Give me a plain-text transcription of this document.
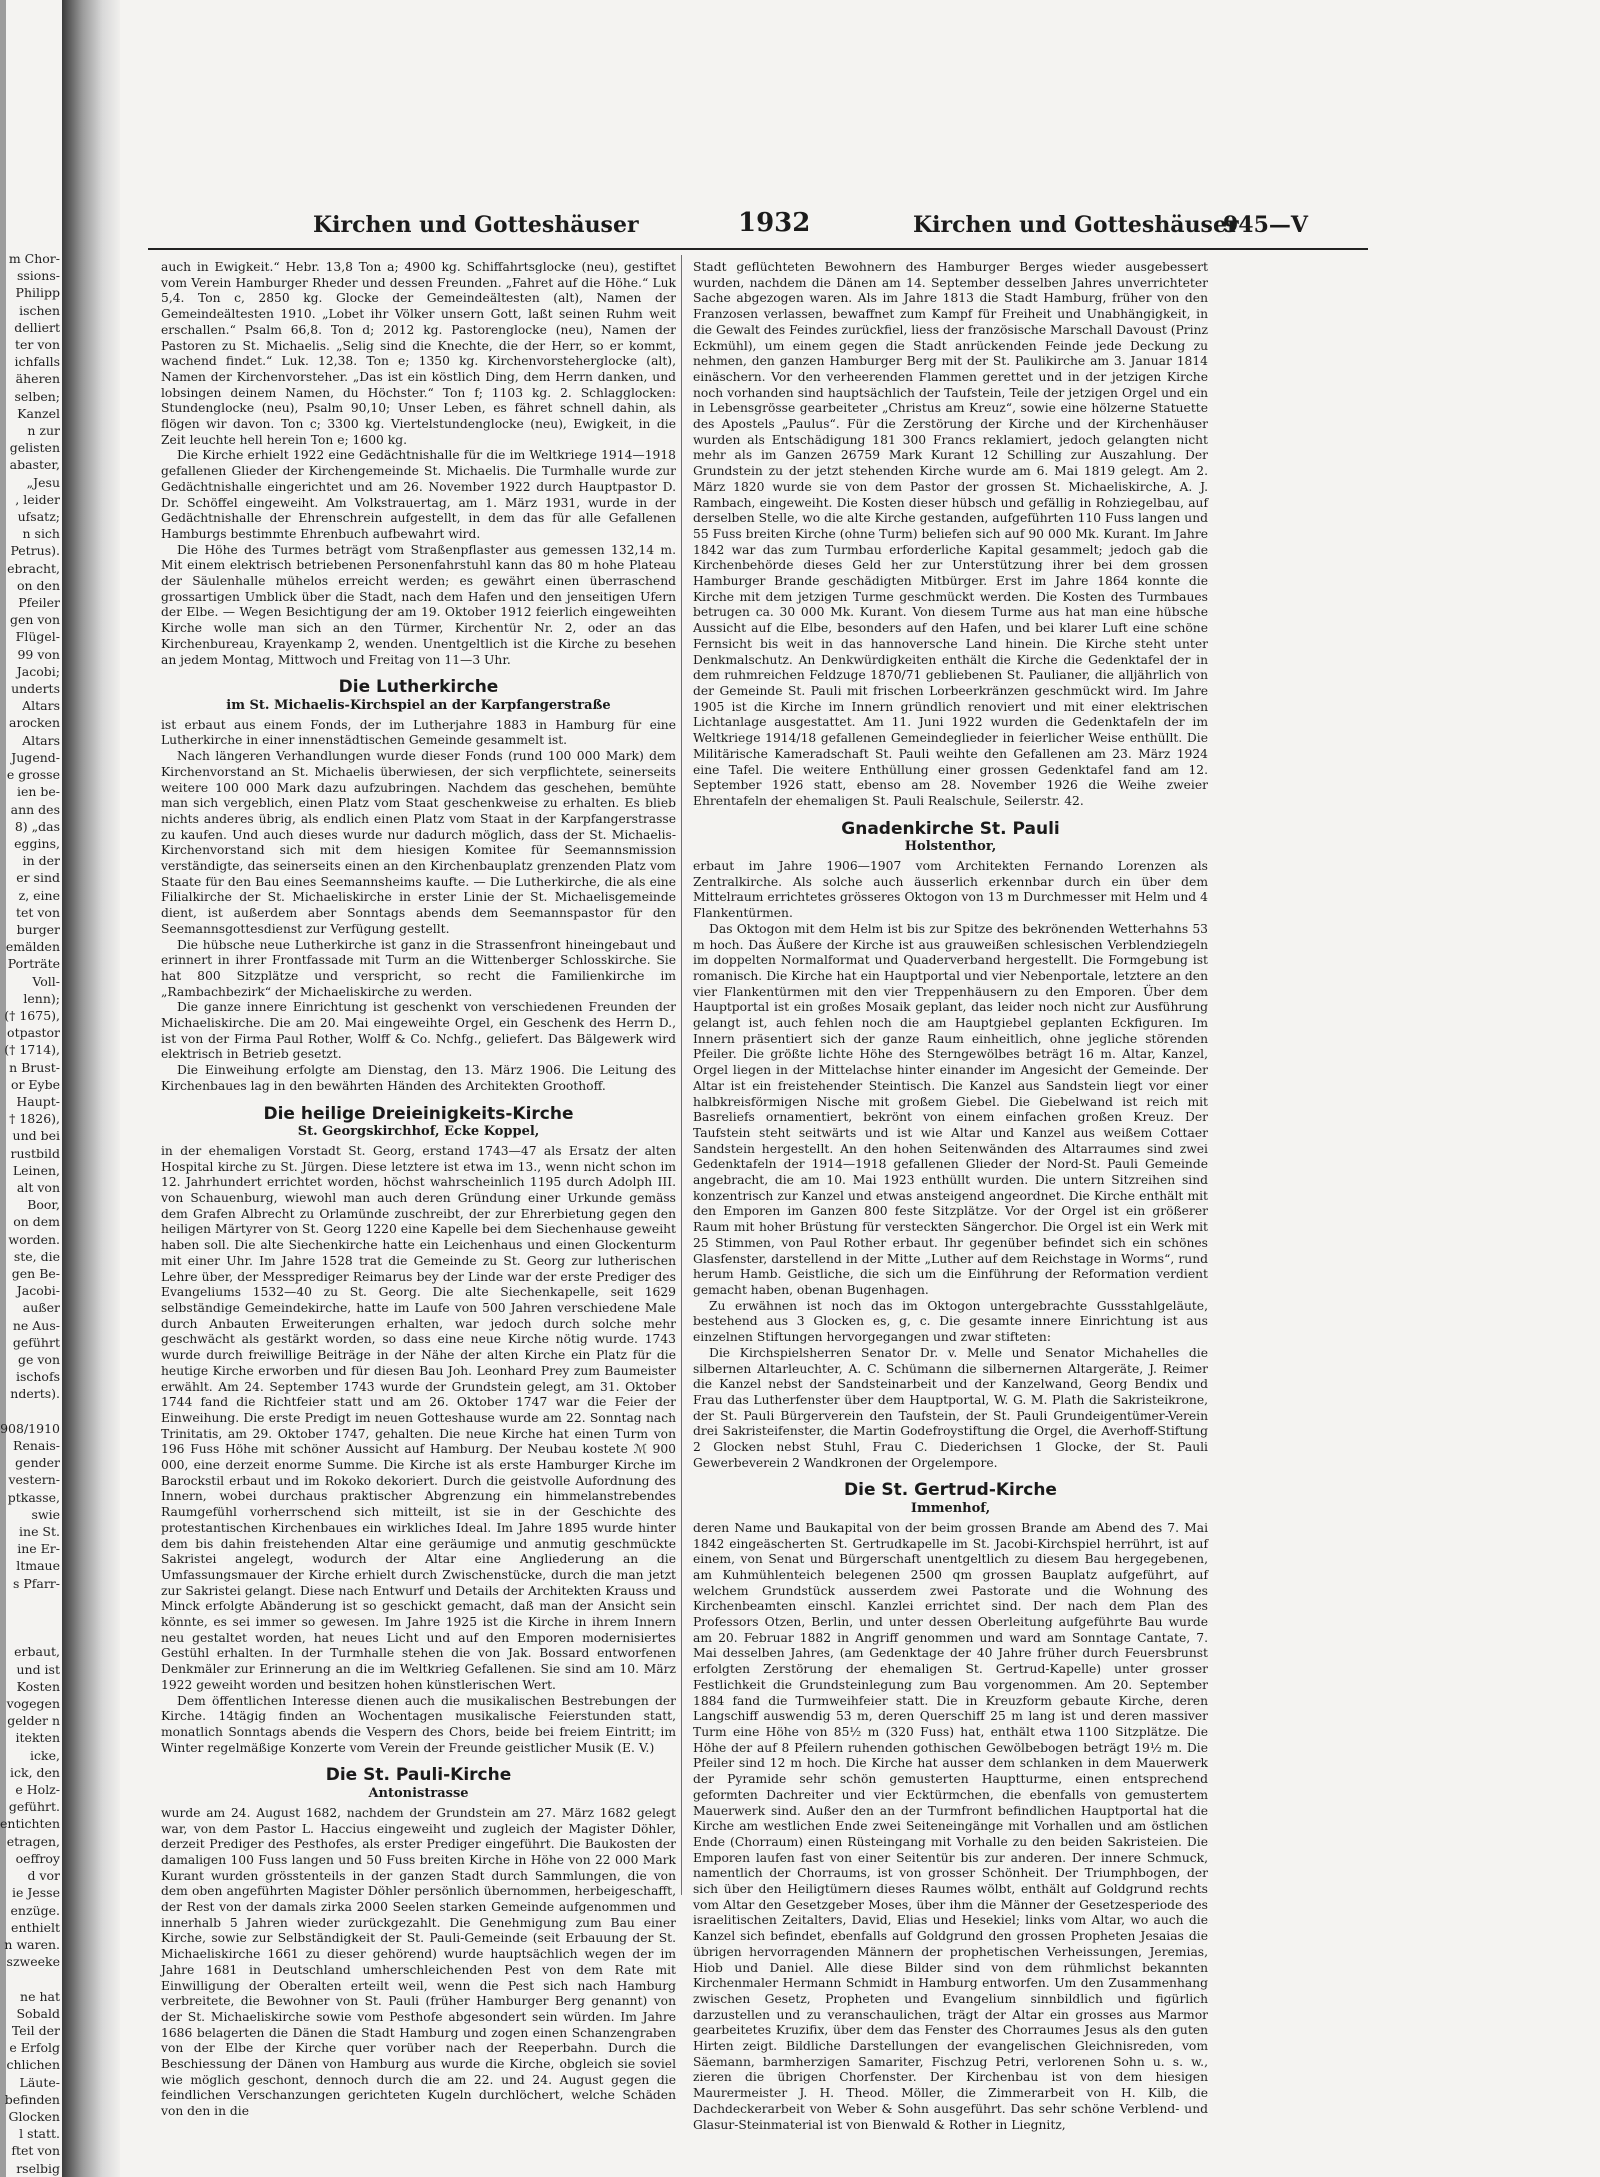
m Chor-
ssions-
Philipp
ischen
delliert
ter von
ichfalls
äheren
selben;
Kanzel
n zur
gelisten
abaster,
„Jesu
, leider
ufsatz;
n sich
Petrus).
ebracht,
on den
Pfeiler
gen von
Flügel-
99 von
Jacobi;
underts
Altars
arocken
Altars
Jugend-
e grosse
ien be-
ann des
8) „das
eggins,
in der
er sind
z, eine
tet von
burger
emälden
Porträte
Voll-
lenn);
(† 1675),
otpastor
(† 1714),
n Brust-
or Eybe
Haupt-
† 1826),
und bei
rustbild
Leinen,
alt von
Boor,
on dem
worden.
ste, die
gen Be-
Jacobi-
außer
ne Aus-
geführt
ge von
ischofs
nderts).

908/1910
Renais-
gender
vestern-
ptkasse,
swie
ine St.
ine Er-
ltmaue
s Pfarr-

erbaut,
und ist
Kosten
vogegen
gelder n
itekten
icke,
ick, den
e Holz-
geführt.
entichten
etragen,
oeffroy
d vor
ie Jesse
enzüge.
enthielt
n waren.
szweeke

ne hat
Sobald
Teil der
e Erfolg
chlichen
Läute-
befinden
Glocken
l statt.
ftet von
rselbig
Kirchen und Gotteshäuser	1932	Kirchen und Gotteshäuser
945—V

auch in Ewigkeit.“ Hebr. 13,8 Ton a; 4900 kg. Schiffahrtsglocke (neu), gestiftet vom Verein Hamburger Rheder und dessen Freunden. „Fahret auf die Höhe.“ Luk 5,4. Ton c, 2850 kg. Glocke der Gemeindeältesten (alt), Namen der Gemeindeältesten 1910. „Lobet ihr Völker unsern Gott, laßt seinen Ruhm weit erschallen.“ Psalm 66,8. Ton d; 2012 kg. Pastorenglocke (neu), Namen der Pastoren zu St. Michaelis. „Selig sind die Knechte, die der Herr, so er kommt, wachend findet.“ Luk. 12,38. Ton e; 1350 kg. Kirchenvorsteherglocke (alt), Namen der Kirchenvorsteher. „Das ist ein köstlich Ding, dem Herrn danken, und lobsingen deinem Namen, du Höchster.“ Ton f; 1103 kg. 2. Schlagglocken: Stundenglocke (neu), Psalm 90,10; Unser Leben, es fähret schnell dahin, als flögen wir davon. Ton c; 3300 kg. Viertelstundenglocke (neu), Ewigkeit, in die Zeit leuchte hell herein Ton e; 1600 kg.

Die Kirche erhielt 1922 eine Gedächtnishalle für die im Weltkriege 1914—1918 gefallenen Glieder der Kirchengemeinde St. Michaelis. Die Turmhalle wurde zur Gedächtnishalle eingerichtet und am 26. November 1922 durch Hauptpastor D. Dr. Schöffel eingeweiht. Am Volkstrauertag, am 1. März 1931, wurde in der Gedächtnishalle der Ehrenschrein aufgestellt, in dem das für alle Gefallenen Hamburgs bestimmte Ehrenbuch aufbewahrt wird.

Die Höhe des Turmes beträgt vom Straßenpflaster aus gemessen 132,14 m. Mit einem elektrisch betriebenen Personenfahrstuhl kann das 80 m hohe Plateau der Säulenhalle mühelos erreicht werden; es gewährt einen überraschend grossartigen Umblick über die Stadt, nach dem Hafen und den jenseitigen Ufern der Elbe. — Wegen Besichtigung der am 19. Oktober 1912 feierlich eingeweihten Kirche wolle man sich an den Türmer, Kirchentür Nr. 2, oder an das Kirchenbureau, Krayenkamp 2, wenden. Unentgeltlich ist die Kirche zu besehen an jedem Montag, Mittwoch und Freitag von 11—3 Uhr.

Die Lutherkirche
im St. Michaelis-Kirchspiel an der Karpfangerstraße

ist erbaut aus einem Fonds, der im Lutherjahre 1883 in Hamburg für eine Lutherkirche in einer innenstädtischen Gemeinde gesammelt ist.

Nach längeren Verhandlungen wurde dieser Fonds (rund 100 000 Mark) dem Kirchenvorstand an St. Michaelis überwiesen, der sich verpflichtete, seinerseits weitere 100 000 Mark dazu aufzubringen. Nachdem das geschehen, bemühte man sich vergeblich, einen Platz vom Staat geschenkweise zu erhalten. Es blieb nichts anderes übrig, als endlich einen Platz vom Staat in der Karpfangerstrasse zu kaufen. Und auch dieses wurde nur dadurch möglich, dass der St. Michaelis-Kirchenvorstand sich mit dem hiesigen Komitee für Seemannsmission verständigte, das seinerseits einen an den Kirchenbauplatz grenzenden Platz vom Staate für den Bau eines Seemannsheims kaufte. — Die Lutherkirche, die als eine Filialkirche der St. Michaeliskirche in erster Linie der St. Michaelisgemeinde dient, ist außerdem aber Sonntags abends dem Seemannspastor für den Seemannsgottesdienst zur Verfügung gestellt.

Die hübsche neue Lutherkirche ist ganz in die Strassenfront hineingebaut und erinnert in ihrer Frontfassade mit Turm an die Wittenberger Schlosskirche. Sie hat 800 Sitzplätze und verspricht, so recht die Familienkirche im „Rambachbezirk“ der Michaeliskirche zu werden.

Die ganze innere Einrichtung ist geschenkt von verschiedenen Freunden der Michaeliskirche. Die am 20. Mai eingeweihte Orgel, ein Geschenk des Herrn D., ist von der Firma Paul Rother, Wolff & Co. Nchfg., geliefert. Das Bälgewerk wird elektrisch in Betrieb gesetzt.

Die Einweihung erfolgte am Dienstag, den 13. März 1906. Die Leitung des Kirchenbaues lag in den bewährten Händen des Architekten Groothoff.

Die heilige Dreieinigkeits-Kirche
St. Georgskirchhof, Ecke Koppel,

in der ehemaligen Vorstadt St. Georg, erstand 1743—47 als Ersatz der alten Hospital kirche zu St. Jürgen. Diese letztere ist etwa im 13., wenn nicht schon im 12. Jahrhundert errichtet worden, höchst wahrscheinlich 1195 durch Adolph III. von Schauenburg, wiewohl man auch deren Gründung einer Urkunde gemäss dem Grafen Albrecht zu Orlamünde zuschreibt, der zur Ehrerbietung gegen den heiligen Märtyrer von St. Georg 1220 eine Kapelle bei dem Siechenhause geweiht haben soll. Die alte Siechenkirche hatte ein Leichenhaus und einen Glockenturm mit einer Uhr. Im Jahre 1528 trat die Gemeinde zu St. Georg zur lutherischen Lehre über, der Messprediger Reimarus bey der Linde war der erste Prediger des Evangeliums 1532—40 zu St. Georg. Die alte Siechenkapelle, seit 1629 selbständige Gemeindekirche, hatte im Laufe von 500 Jahren verschiedene Male durch Anbauten Erweiterungen erhalten, war jedoch durch solche mehr geschwächt als gestärkt worden, so dass eine neue Kirche nötig wurde. 1743 wurde durch freiwillige Beiträge in der Nähe der alten Kirche ein Platz für die heutige Kirche erworben und für diesen Bau Joh. Leonhard Prey zum Baumeister erwählt. Am 24. September 1743 wurde der Grundstein gelegt, am 31. Oktober 1744 fand die Richtfeier statt und am 26. Oktober 1747 war die Feier der Einweihung. Die erste Predigt im neuen Gotteshause wurde am 22. Sonntag nach Trinitatis, am 29. Oktober 1747, gehalten. Die neue Kirche hat einen Turm von 196 Fuss Höhe mit schöner Aussicht auf Hamburg. Der Neubau kostete ℳ 900 000, eine derzeit enorme Summe. Die Kirche ist als erste Hamburger Kirche im Barockstil erbaut und im Rokoko dekoriert. Durch die geistvolle Aufordnung des Innern, wobei durchaus praktischer Abgrenzung ein himmelanstrebendes Raumgefühl vorherrschend sich mitteilt, ist sie in der Geschichte des protestantischen Kirchenbaues ein wirkliches Ideal. Im Jahre 1895 wurde hinter dem bis dahin freistehenden Altar eine geräumige und anmutig geschmückte Sakristei angelegt, wodurch der Altar eine Angliederung an die Umfassungsmauer der Kirche erhielt durch Zwischenstücke, durch die man jetzt zur Sakristei gelangt. Diese nach Entwurf und Details der Architekten Krauss und Minck erfolgte Abänderung ist so geschickt gemacht, daß man der Ansicht sein könnte, es sei immer so gewesen. Im Jahre 1925 ist die Kirche in ihrem Innern neu gestaltet worden, hat neues Licht und auf den Emporen modernisiertes Gestühl erhalten. In der Turmhalle stehen die von Jak. Bossard entworfenen Denkmäler zur Erinnerung an die im Weltkrieg Gefallenen. Sie sind am 10. März 1922 geweiht worden und besitzen hohen künstlerischen Wert.

Dem öffentlichen Interesse dienen auch die musikalischen Bestrebungen der Kirche. 14tägig finden an Wochentagen musikalische Feierstunden statt, monatlich Sonntags abends die Vespern des Chors, beide bei freiem Eintritt; im Winter regelmäßige Konzerte vom Verein der Freunde geistlicher Musik (E. V.)

Die St. Pauli-Kirche
Antonistrasse

wurde am 24. August 1682, nachdem der Grundstein am 27. März 1682 gelegt war, von dem Pastor L. Haccius eingeweiht und zugleich der Magister Döhler, derzeit Prediger des Pesthofes, als erster Prediger eingeführt. Die Baukosten der damaligen 100 Fuss langen und 50 Fuss breiten Kirche in Höhe von 22 000 Mark Kurant wurden grösstenteils in der ganzen Stadt durch Sammlungen, die von dem oben angeführten Magister Döhler persönlich übernommen, herbeigeschafft, der Rest von der damals zirka 2000 Seelen starken Gemeinde aufgenommen und innerhalb 5 Jahren wieder zurückgezahlt. Die Genehmigung zum Bau einer Kirche, sowie zur Selbständigkeit der St. Pauli-Gemeinde (seit Erbauung der St. Michaeliskirche 1661 zu dieser gehörend) wurde hauptsächlich wegen der im Jahre 1681 in Deutschland umherschleichenden Pest von dem Rate mit Einwilligung der Oberalten erteilt weil, wenn die Pest sich nach Hamburg verbreitete, die Bewohner von St. Pauli (früher Hamburger Berg genannt) von der St. Michaeliskirche sowie vom Pesthofe abgesondert sein würden. Im Jahre 1686 belagerten die Dänen die Stadt Hamburg und zogen einen Schanzengraben von der Elbe der Kirche quer vorüber nach der Reeperbahn. Durch die Beschiessung der Dänen von Hamburg aus wurde die Kirche, obgleich sie soviel wie möglich geschont, dennoch durch die am 22. und 24. August gegen die feindlichen Verschanzungen gerichteten Kugeln durchlöchert, welche Schäden von den in die

Stadt geflüchteten Bewohnern des Hamburger Berges wieder ausgebessert wurden, nachdem die Dänen am 14. September desselben Jahres unverrichteter Sache abgezogen waren. Als im Jahre 1813 die Stadt Hamburg, früher von den Franzosen verlassen, bewaffnet zum Kampf für Freiheit und Unabhängigkeit, in die Gewalt des Feindes zurückfiel, liess der französische Marschall Davoust (Prinz Eckmühl), um einem gegen die Stadt anrückenden Feinde jede Deckung zu nehmen, den ganzen Hamburger Berg mit der St. Paulikirche am 3. Januar 1814 einäschern. Vor den verheerenden Flammen gerettet und in der jetzigen Kirche noch vorhanden sind hauptsächlich der Taufstein, Teile der jetzigen Orgel und ein in Lebensgrösse gearbeiteter „Christus am Kreuz“, sowie eine hölzerne Statuette des Apostels „Paulus“. Für die Zerstörung der Kirche und der Kirchenhäuser wurden als Entschädigung 181 300 Francs reklamiert, jedoch gelangten nicht mehr als im Ganzen 26759 Mark Kurant 12 Schilling zur Auszahlung. Der Grundstein zu der jetzt stehenden Kirche wurde am 6. Mai 1819 gelegt. Am 2. März 1820 wurde sie von dem Pastor der grossen St. Michaeliskirche, A. J. Rambach, eingeweiht. Die Kosten dieser hübsch und gefällig in Rohziegelbau, auf derselben Stelle, wo die alte Kirche gestanden, aufgeführten 110 Fuss langen und 55 Fuss breiten Kirche (ohne Turm) beliefen sich auf 90 000 Mk. Kurant. Im Jahre 1842 war das zum Turmbau erforderliche Kapital gesammelt; jedoch gab die Kirchenbehörde dieses Geld her zur Unterstützung ihrer bei dem grossen Hamburger Brande geschädigten Mitbürger. Erst im Jahre 1864 konnte die Kirche mit dem jetzigen Turme geschmückt werden. Die Kosten des Turmbaues betrugen ca. 30 000 Mk. Kurant. Von diesem Turme aus hat man eine hübsche Aussicht auf die Elbe, besonders auf den Hafen, und bei klarer Luft eine schöne Fernsicht bis weit in das hannoversche Land hinein. Die Kirche steht unter Denkmalschutz. An Denkwürdigkeiten enthält die Kirche die Gedenktafel der in dem ruhmreichen Feldzuge 1870/71 gebliebenen St. Paulianer, die alljährlich von der Gemeinde St. Pauli mit frischen Lorbeerkränzen geschmückt wird. Im Jahre 1905 ist die Kirche im Innern gründlich renoviert und mit einer elektrischen Lichtanlage ausgestattet. Am 11. Juni 1922 wurden die Gedenktafeln der im Weltkriege 1914/18 gefallenen Gemeindeglieder in feierlicher Weise enthüllt. Die Militärische Kameradschaft St. Pauli weihte den Gefallenen am 23. März 1924 eine Tafel. Die weitere Enthüllung einer grossen Gedenktafel fand am 12. September 1926 statt, ebenso am 28. November 1926 die Weihe zweier Ehrentafeln der ehemaligen St. Pauli Realschule, Seilerstr. 42.

Gnadenkirche St. Pauli
Holstenthor,

erbaut im Jahre 1906—1907 vom Architekten Fernando Lorenzen als Zentralkirche. Als solche auch äusserlich erkennbar durch ein über dem Mittelraum errichtetes grösseres Oktogon von 13 m Durchmesser mit Helm und 4 Flankentürmen.

Das Oktogon mit dem Helm ist bis zur Spitze des bekrönenden Wetterhahns 53 m hoch. Das Äußere der Kirche ist aus grauweißen schlesischen Verblendziegeln im doppelten Normalformat und Quaderverband hergestellt. Die Formgebung ist romanisch. Die Kirche hat ein Hauptportal und vier Nebenportale, letztere an den vier Flankentürmen mit den vier Treppenhäusern zu den Emporen. Über dem Hauptportal ist ein großes Mosaik geplant, das leider noch nicht zur Ausführung gelangt ist, auch fehlen noch die am Hauptgiebel geplanten Eckfiguren. Im Innern präsentiert sich der ganze Raum einheitlich, ohne jegliche störenden Pfeiler. Die größte lichte Höhe des Sterngewölbes beträgt 16 m. Altar, Kanzel, Orgel liegen in der Mittelachse hinter einander im Angesicht der Gemeinde. Der Altar ist ein freistehender Steintisch. Die Kanzel aus Sandstein liegt vor einer halbkreisförmigen Nische mit großem Giebel. Die Giebelwand ist reich mit Basreliefs ornamentiert, bekrönt von einem einfachen großen Kreuz. Der Taufstein steht seitwärts und ist wie Altar und Kanzel aus weißem Cottaer Sandstein hergestellt. An den hohen Seitenwänden des Altarraumes sind zwei Gedenktafeln der 1914—1918 gefallenen Glieder der Nord-St. Pauli Gemeinde angebracht, die am 10. Mai 1923 enthüllt wurden. Die untern Sitzreihen sind konzentrisch zur Kanzel und etwas ansteigend angeordnet. Die Kirche enthält mit den Emporen im Ganzen 800 feste Sitzplätze. Vor der Orgel ist ein größerer Raum mit hoher Brüstung für versteckten Sängerchor. Die Orgel ist ein Werk mit 25 Stimmen, von Paul Rother erbaut. Ihr gegenüber befindet sich ein schönes Glasfenster, darstellend in der Mitte „Luther auf dem Reichstage in Worms“, rund herum Hamb. Geistliche, die sich um die Einführung der Reformation verdient gemacht haben, obenan Bugenhagen.

Zu erwähnen ist noch das im Oktogon untergebrachte Gussstahlgeläute, bestehend aus 3 Glocken es, g, c. Die gesamte innere Einrichtung ist aus einzelnen Stiftungen hervorgegangen und zwar stifteten:

Die Kirchspielsherren Senator Dr. v. Melle und Senator Michahelles die silbernen Altarleuchter, A. C. Schümann die silbernernen Altargeräte, J. Reimer die Kanzel nebst der Sandsteinarbeit und der Kanzelwand, Georg Bendix und Frau das Lutherfenster über dem Hauptportal, W. G. M. Plath die Sakristeikrone, der St. Pauli Bürgerverein den Taufstein, der St. Pauli Grundeigentümer-Verein drei Sakristeifenster, die Martin Godefroystiftung die Orgel, die Averhoff-Stiftung 2 Glocken nebst Stuhl, Frau C. Diederichsen 1 Glocke, der St. Pauli Gewerbeverein 2 Wandkronen der Orgelempore.

Die St. Gertrud-Kirche
Immenhof,

deren Name und Baukapital von der beim grossen Brande am Abend des 7. Mai 1842 eingeäscherten St. Gertrudkapelle im St. Jacobi-Kirchspiel herrührt, ist auf einem, von Senat und Bürgerschaft unentgeltlich zu diesem Bau hergegebenen, am Kuhmühlenteich belegenen 2500 qm grossen Bauplatz aufgeführt, auf welchem Grundstück ausserdem zwei Pastorate und die Wohnung des Kirchenbeamten einschl. Kanzlei errichtet sind. Der nach dem Plan des Professors Otzen, Berlin, und unter dessen Oberleitung aufgeführte Bau wurde am 20. Februar 1882 in Angriff genommen und ward am Sonntage Cantate, 7. Mai desselben Jahres, (am Gedenktage der 40 Jahre früher durch Feuersbrunst erfolgten Zerstörung der ehemaligen St. Gertrud-Kapelle) unter grosser Festlichkeit die Grundsteinlegung zum Bau vorgenommen. Am 20. September 1884 fand die Turmweihfeier statt. Die in Kreuzform gebaute Kirche, deren Langschiff auswendig 53 m, deren Querschiff 25 m lang ist und deren massiver Turm eine Höhe von 85½ m (320 Fuss) hat, enthält etwa 1100 Sitzplätze. Die Höhe der auf 8 Pfeilern ruhenden gothischen Gewölbebogen beträgt 19½ m. Die Pfeiler sind 12 m hoch. Die Kirche hat ausser dem schlanken in dem Mauerwerk der Pyramide sehr schön gemusterten Hauptturme, einen entsprechend geformten Dachreiter und vier Ecktürmchen, die ebenfalls von gemustertem Mauerwerk sind. Außer den an der Turmfront befindlichen Hauptportal hat die Kirche am westlichen Ende zwei Seiteneingänge mit Vorhallen und am östlichen Ende (Chorraum) einen Rüsteingang mit Vorhalle zu den beiden Sakristeien. Die Emporen laufen fast von einer Seitentür bis zur anderen. Der innere Schmuck, namentlich der Chorraums, ist von grosser Schönheit. Der Triumphbogen, der sich über den Heiligtümern dieses Raumes wölbt, enthält auf Goldgrund rechts vom Altar den Gesetzgeber Moses, über ihm die Männer der Gesetzesperiode des israelitischen Zeitalters, David, Elias und Hesekiel; links vom Altar, wo auch die Kanzel sich befindet, ebenfalls auf Goldgrund den grossen Propheten Jesaias die übrigen hervorragenden Männern der prophetischen Verheissungen, Jeremias, Hiob und Daniel. Alle diese Bilder sind von dem rühmlichst bekannten Kirchenmaler Hermann Schmidt in Hamburg entworfen. Um den Zusammenhang zwischen Gesetz, Propheten und Evangelium sinnbildlich und figürlich darzustellen und zu veranschaulichen, trägt der Altar ein grosses aus Marmor gearbeitetes Kruzifix, über dem das Fenster des Chorraumes Jesus als den guten Hirten zeigt. Bildliche Darstellungen der evangelischen Gleichnisreden, vom Säemann, barmherzigen Samariter, Fischzug Petri, verlorenen Sohn u. s. w., zieren die übrigen Chorfenster. Der Kirchenbau ist von dem hiesigen Maurermeister J. H. Theod. Möller, die Zimmerarbeit von H. Kilb, die Dachdeckerarbeit von Weber & Sohn ausgeführt. Das sehr schöne Verblend- und Glasur-Steinmaterial ist von Bienwald & Rother in Liegnitz,
